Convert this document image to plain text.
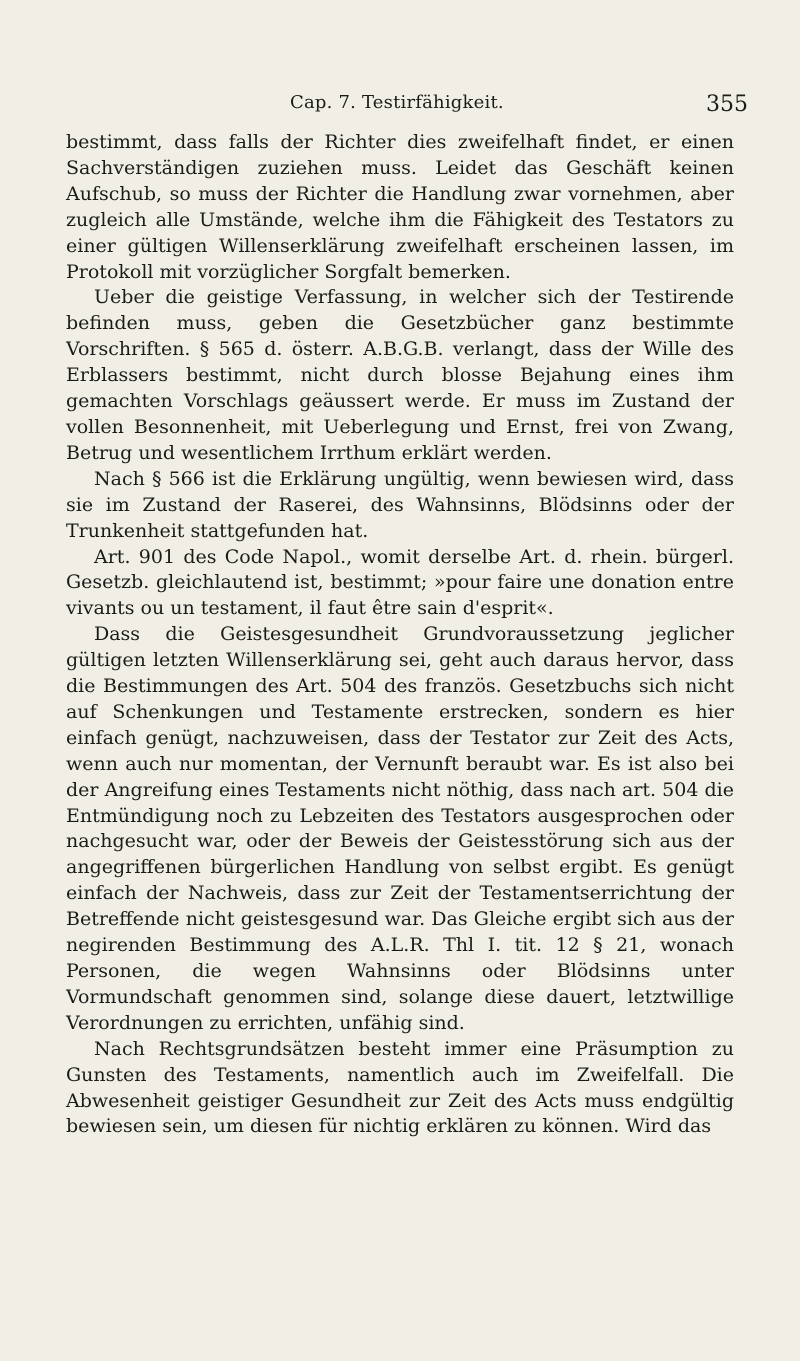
Cap. 7. Testirfähigkeit.	355

bestimmt, dass falls der Richter dies zweifelhaft findet, er einen Sachverständigen zuziehen muss. Leidet das Geschäft keinen Aufschub, so muss der Richter die Handlung zwar vornehmen, aber zugleich alle Umstände, welche ihm die Fähigkeit des Testators zu einer gültigen Willenserklärung zweifelhaft erscheinen lassen, im Protokoll mit vorzüglicher Sorgfalt bemerken.

Ueber die geistige Verfassung, in welcher sich der Testirende befinden muss, geben die Gesetzbücher ganz bestimmte Vorschriften. § 565 d. österr. A.B.G.B. verlangt, dass der Wille des Erblassers bestimmt, nicht durch blosse Bejahung eines ihm gemachten Vorschlags geäussert werde. Er muss im Zustand der vollen Besonnenheit, mit Ueberlegung und Ernst, frei von Zwang, Betrug und wesentlichem Irrthum erklärt werden.

Nach § 566 ist die Erklärung ungültig, wenn bewiesen wird, dass sie im Zustand der Raserei, des Wahnsinns, Blödsinns oder der Trunkenheit stattgefunden hat.

Art. 901 des Code Napol., womit derselbe Art. d. rhein. bürgerl. Gesetzb. gleichlautend ist, bestimmt; »pour faire une donation entre vivants ou un testament, il faut être sain d'esprit«.

Dass die Geistesgesundheit Grundvoraussetzung jeglicher gültigen letzten Willenserklärung sei, geht auch daraus hervor, dass die Bestimmungen des Art. 504 des französ. Gesetzbuchs sich nicht auf Schenkungen und Testamente erstrecken, sondern es hier einfach genügt, nachzuweisen, dass der Testator zur Zeit des Acts, wenn auch nur momentan, der Vernunft beraubt war. Es ist also bei der Angreifung eines Testaments nicht nöthig, dass nach art. 504 die Entmündigung noch zu Lebzeiten des Testators ausgesprochen oder nachgesucht war, oder der Beweis der Geistesstörung sich aus der angegriffenen bürgerlichen Handlung von selbst ergibt. Es genügt einfach der Nachweis, dass zur Zeit der Testamentserrichtung der Betreffende nicht geistesgesund war. Das Gleiche ergibt sich aus der negirenden Bestimmung des A.L.R. Thl I. tit. 12 § 21, wonach Personen, die wegen Wahnsinns oder Blödsinns unter Vormundschaft genommen sind, solange diese dauert, letztwillige Verordnungen zu errichten, unfähig sind.

Nach Rechtsgrundsätzen besteht immer eine Präsumption zu Gunsten des Testaments, namentlich auch im Zweifelfall. Die Abwesenheit geistiger Gesundheit zur Zeit des Acts muss endgültig bewiesen sein, um diesen für nichtig erklären zu können. Wird das
